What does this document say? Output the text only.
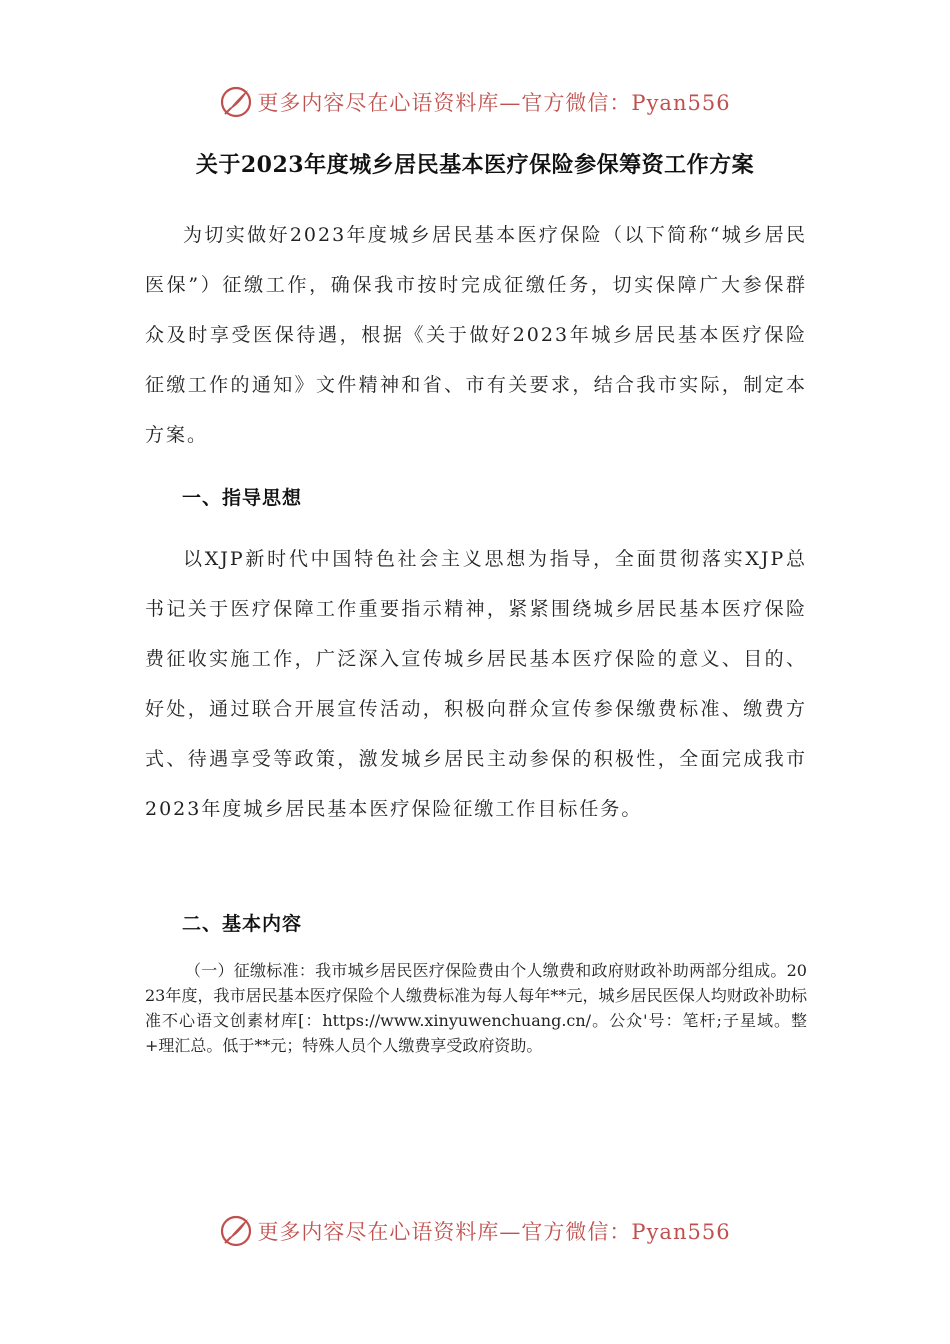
更多内容尽在心语资料库—官方微信：Pyan556
关于2023年度城乡居民基本医疗保险参保筹资工作方案

为切实做好2023年度城乡居民基本医疗保险（以下简称“城乡居民医保”）征缴工作，确保我市按时完成征缴任务，切实保障广大参保群众及时享受医保待遇，根据《关于做好2023年城乡居民基本医疗保险征缴工作的通知》文件精神和省、市有关要求，结合我市实际，制定本方案。

一、指导思想

以XJP新时代中国特色社会主义思想为指导，全面贯彻落实XJP总书记关于医疗保障工作重要指示精神，紧紧围绕城乡居民基本医疗保险费征收实施工作，广泛深入宣传城乡居民基本医疗保险的意义、目的、好处，通过联合开展宣传活动，积极向群众宣传参保缴费标准、缴费方式、待遇享受等政策，激发城乡居民主动参保的积极性，全面完成我市2023年度城乡居民基本医疗保险征缴工作目标任务。

二、基本内容

（一）征缴标准：我市城乡居民医疗保险费由个人缴费和政府财政补助两部分组成。2023年度，我市居民基本医疗保险个人缴费标准为每人每年**元，城乡居民医保人均财政补助标准不心语文创素材库[：https://www.xinyuwenchuang.cn/。公众'号：笔杆;子星域。整+理汇总。低于**元；特殊人员个人缴费享受政府资助。

更多内容尽在心语资料库—官方微信：Pyan556
